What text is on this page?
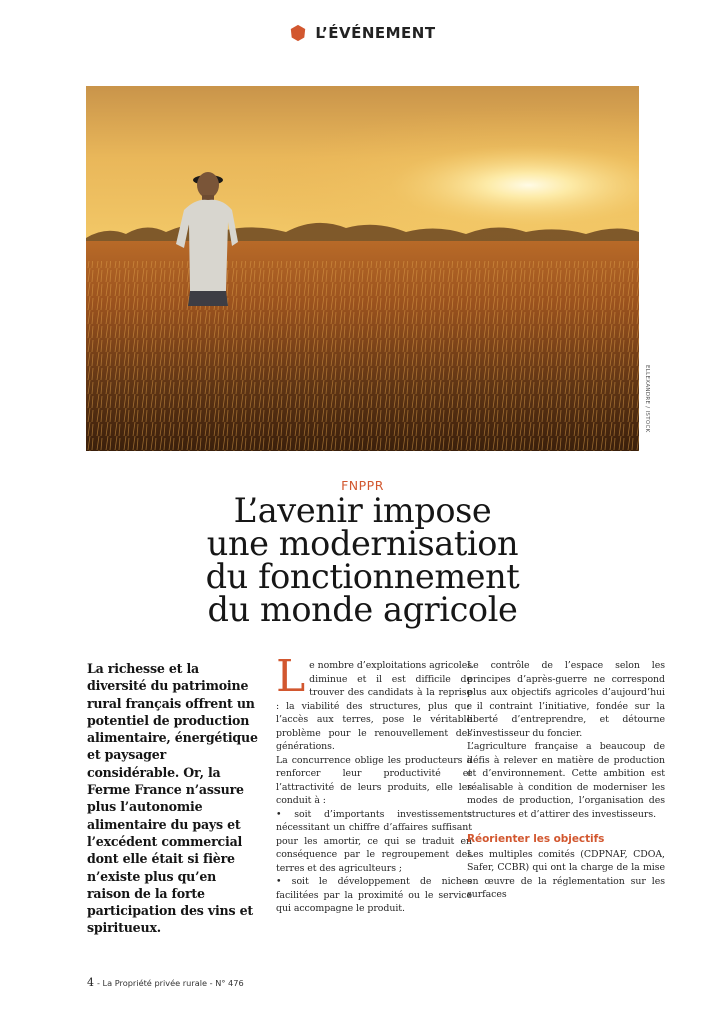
L’ÉVÉNEMENT
ELLEXANDRE / ISTOCK
FNPPR
L’avenir impose
une modernisation
du fonctionnement
du monde agricole
La richesse et la diversité du patrimoine rural français offrent un potentiel de production alimentaire, énergétique et paysager considérable. Or, la Ferme France n’assure plus l’autonomie alimentaire du pays et l’excédent commercial dont elle était si fière n’existe plus qu’en raison de la forte participation des vins et spiritueux.

Le nombre d’exploitations agricoles diminue et il est difficile de trouver des candidats à la reprise : la viabilité des structures, plus que l’accès aux terres, pose le véritable problème pour le renouvellement des générations.

La concurrence oblige les producteurs à renforcer leur productivité et l’attractivité de leurs produits, elle les conduit à :

• soit d’importants investissements nécessitant un chiffre d’affaires suffisant pour les amortir, ce qui se traduit en conséquence par le regroupement des terres et des agriculteurs ;

• soit le développement de niches facilitées par la proximité ou le service qui accompagne le produit.

Le contrôle de l’espace selon les principes d’après-guerre ne correspond plus aux objectifs agricoles d’aujourd’hui ; il contraint l’initiative, fondée sur la liberté d’entreprendre, et détourne l’investisseur du foncier.

L’agriculture française a beaucoup de défis à relever en matière de production et d’environnement. Cette ambition est réalisable à condition de moderniser les modes de production, l’organisation des structures et d’attirer des investisseurs.

Réorienter les objectifs

Les multiples comités (CDPNAF, CDOA, Safer, CCBR) qui ont la charge de la mise en œuvre de la réglementation sur les surfaces

4 - La Propriété privée rurale - N° 476
